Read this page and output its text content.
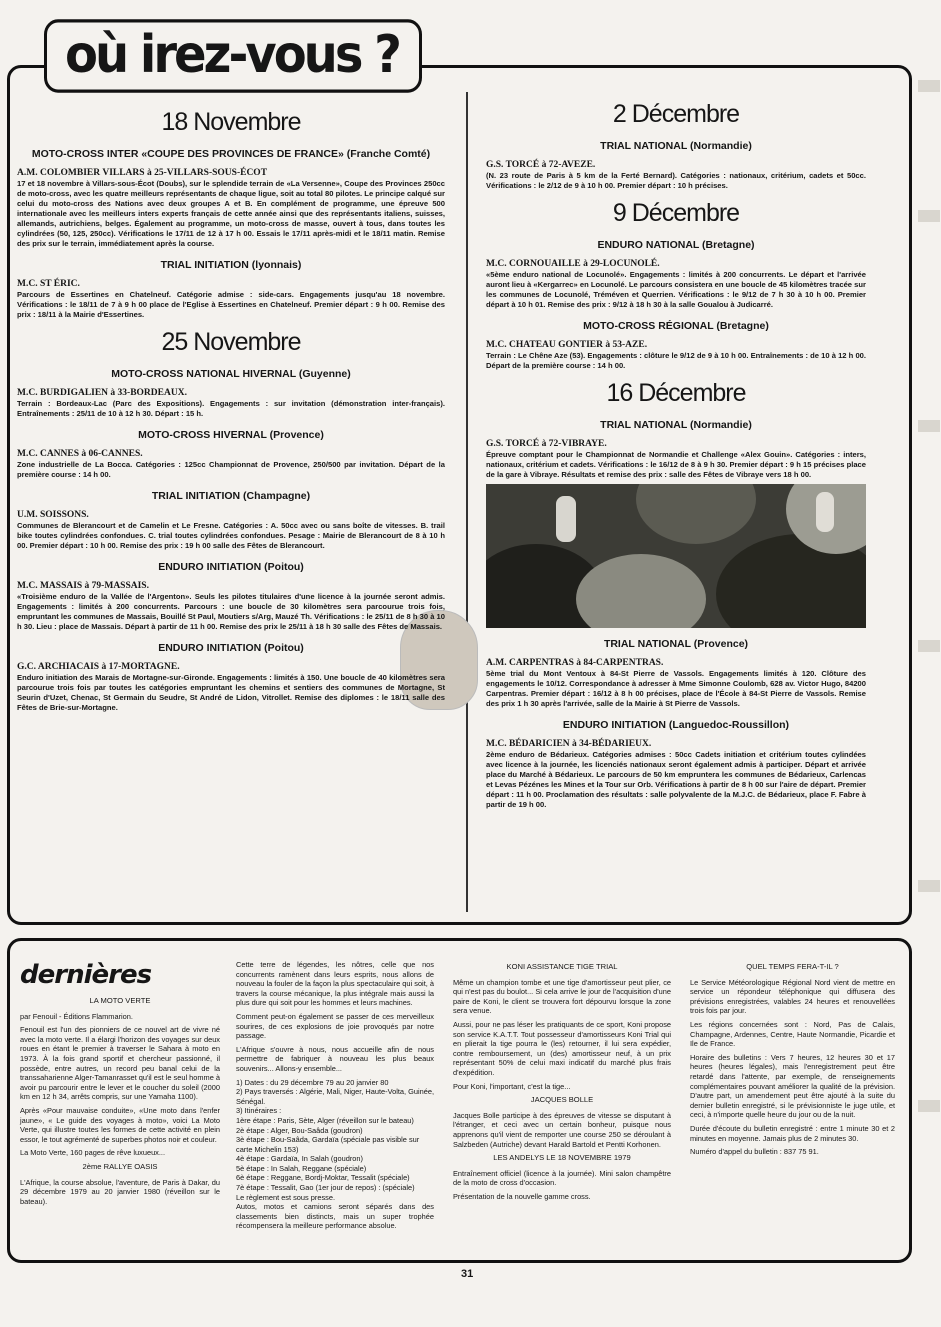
où irez-vous ?
18 Novembre
MOTO-CROSS INTER «COUPE DES PROVINCES DE FRANCE» (Franche Comté)
A.M. COLOMBIER VILLARS à 25-VILLARS-SOUS-ÉCOT
17 et 18 novembre à Villars-sous-Écot (Doubs), sur le splendide terrain de «La Versenne», Coupe des Provinces 250cc de moto-cross, avec les quatre meilleurs représentants de chaque ligue, soit au total 80 pilotes. Le principe calqué sur celui du moto-cross des Nations avec deux groupes A et B. En complément de programme, une épreuve 500 internationale avec les meilleurs inters experts français de cette année ainsi que des représentants italiens, suisses, allemands, autrichiens, belges. Également au programme, un moto-cross de masse, ouvert à tous, dans toutes les cylindrées (50, 125, 250cc). Vérifications le 17/11 de 12 à 17 h 00. Essais le 17/11 après-midi et le 18/11 matin. Remise des prix sur le terrain, immédiatement après la course.
TRIAL INITIATION (lyonnais)
M.C. ST ÉRIC.
Parcours de Essertines en Chatelneuf. Catégorie admise : side-cars. Engagements jusqu'au 18 novembre. Vérifications : le 18/11 de 7 à 9 h 00 place de l'Eglise à Essertines en Chatelneuf. Premier départ : 9 h 00. Remise des prix : 18/11 à la Mairie d'Essertines.
25 Novembre
MOTO-CROSS NATIONAL HIVERNAL (Guyenne)
M.C. BURDIGALIEN à 33-BORDEAUX.
Terrain : Bordeaux-Lac (Parc des Expositions). Engagements : sur invitation (démonstration inter-français). Entraînements : 25/11 de 10 à 12 h 30. Départ : 15 h.
MOTO-CROSS HIVERNAL (Provence)
M.C. CANNES à 06-CANNES.
Zone industrielle de La Bocca. Catégories : 125cc Championnat de Provence, 250/500 par invitation. Départ de la première course : 14 h 00.
TRIAL INITIATION (Champagne)
U.M. SOISSONS.
Communes de Blerancourt et de Camelin et Le Fresne. Catégories : A. 50cc avec ou sans boîte de vitesses. B. trail bike toutes cylindrées confondues. C. trial toutes cylindrées confondues. Pesage : Mairie de Blerancourt de 8 à 10 h 00. Premier départ : 10 h 00. Remise des prix : 19 h 00 salle des Fêtes de Blerancourt.
ENDURO INITIATION (Poitou)
M.C. MASSAIS à 79-MASSAIS.
«Troisième enduro de la Vallée de l'Argenton». Seuls les pilotes titulaires d'une licence à la journée seront admis. Engagements : limités à 200 concurrents. Parcours : une boucle de 30 kilomètres sera parcourue trois fois, empruntant les communes de Massais, Bouillé St Paul, Moutiers s/Arg, Mauzé Th. Vérifications : le 25/11 de 8 h 30 à 10 h 30. Lieu : place de Massais. Départ à partir de 11 h 00. Remise des prix le 25/11 à 18 h 30 salle des Fêtes de Massais.
ENDURO INITIATION (Poitou)
G.C. ARCHIACAIS à 17-MORTAGNE.
Enduro initiation des Marais de Mortagne-sur-Gironde. Engagements : limités à 150. Une boucle de 40 kilomètres sera parcourue trois fois par toutes les catégories empruntant les chemins et sentiers des communes de Mortagne, St Seurin d'Uzet, Chenac, St Germain du Seudre, St André de Lidon, Vitrollet. Remise des diplomes : le 18/11 salle des Fêtes de Brie-sur-Mortagne.
2 Décembre
TRIAL NATIONAL (Normandie)
G.S. TORCÉ à 72-AVEZE.
(N. 23 route de Paris à 5 km de la Ferté Bernard). Catégories : nationaux, critérium, cadets et 50cc. Vérifications : le 2/12 de 9 à 10 h 00. Premier départ : 10 h précises.
9 Décembre
ENDURO NATIONAL (Bretagne)
M.C. CORNOUAILLE à 29-LOCUNOLÉ.
«5ème enduro national de Locunolé». Engagements : limités à 200 concurrents. Le départ et l'arrivée auront lieu à «Kergarrec» en Locunolé. Le parcours consistera en une boucle de 45 kilomètres tracée sur les communes de Locunolé, Tréméven et Querrien. Vérifications : le 9/12 de 7 h 30 à 10 h 00. Premier départ à 10 h 01. Remise des prix : 9/12 à 18 h 30 à la salle Goualou à Judicarré.
MOTO-CROSS RÉGIONAL (Bretagne)
M.C. CHATEAU GONTIER à 53-AZE.
Terrain : Le Chêne Aze (53). Engagements : clôture le 9/12 de 9 à 10 h 00. Entraînements : de 10 à 12 h 00. Départ de la première course : 14 h 00.
16 Décembre
TRIAL NATIONAL (Normandie)
G.S. TORCÉ à 72-VIBRAYE.
Épreuve comptant pour le Championnat de Normandie et Challenge «Alex Gouin». Catégories : inters, nationaux, critérium et cadets. Vérifications : le 16/12 de 8 à 9 h 30. Premier départ : 9 h 15 précises place de la gare à Vibraye. Résultats et remise des prix : salle des Fêtes de Vibraye vers 18 h 00.
TRIAL NATIONAL (Provence)
A.M. CARPENTRAS à 84-CARPENTRAS.
5ème trial du Mont Ventoux à 84-St Pierre de Vassols. Engagements limités à 120. Clôture des engagements le 10/12. Correspondance à adresser à Mme Simonne Coulomb, 628 av. Victor Hugo, 84200 Carpentras. Premier départ : 16/12 à 8 h 00 précises, place de l'École à 84-St Pierre de Vassols. Remise des prix 1 h 30 après l'arrivée, salle de la Mairie à St Pierre de Vassols.
ENDURO INITIATION (Languedoc-Roussillon)
M.C. BÉDARICIEN à 34-BÉDARIEUX.
2ème enduro de Bédarieux. Catégories admises : 50cc Cadets initiation et critérium toutes cylindées avec licence à la journée, les licenciés nationaux seront également admis à participer. Départ et arrivée place du Marché à Bédarieux. Le parcours de 50 km empruntera les communes de Bédarieux, Carlencas et Levas Pézénes les Mines et la Tour sur Orb. Vérifications à partir de 8 h 00 sur l'aire de départ. Premier départ : 11 h 00. Proclamation des résultats : salle polyvalente de la M.J.C. de Bédarieux, place F. Fabre à partir de 19 h 00.
dernières
LA MOTO VERTE
par Fenouil - Éditions Flammarion.
Fenouil est l'un des pionniers de ce nouvel art de vivre né avec la moto verte. Il a élargi l'horizon des voyages sur deux roues en étant le premier à traverser le Sahara à moto en 1973. À la fois grand sportif et chercheur passionné, il possède, entre autres, un record peu banal celui de la transsaharienne Alger-Tamanrasset qu'il est le seul homme à avoir pu parcourir entre le lever et le coucher du soleil (2000 km en 12 h 34, arrêts compris, sur une Yamaha 1100).
Après «Pour mauvaise conduite», «Une moto dans l'enfer jaune», « Le guide des voyages à moto», voici La Moto Verte, qui illustre toutes les formes de cette activité en plein essor, le tout agrémenté de superbes photos noir et couleur.
La Moto Verte, 160 pages de rêve luxueux...
2ème RALLYE OASIS
L'Afrique, la course absolue, l'aventure, de Paris à Dakar, du 29 décembre 1979 au 20 janvier 1980 (réveillon sur le bateau).
Cette terre de légendes, les nôtres, celle que nos concurrents ramènent dans leurs esprits, nous allons de nouveau la fouler de la façon la plus spectaculaire qui soit, à travers la course mécanique, la plus intégrale mais aussi la plus dure qui soit pour les hommes et leurs machines.
Comment peut-on également se passer de ces merveilleux sourires, de ces explosions de joie provoqués par notre passage.
L'Afrique s'ouvre à nous, nous accueille afin de nous permettre de fabriquer à nouveau les plus beaux souvenirs... Allons-y ensemble...
1) Dates : du 29 décembre 79 au 20 janvier 80
2) Pays traversés : Algérie, Mali, Niger, Haute-Volta, Guinée, Sénégal.
3) Itinéraires :
1ère étape : Paris, Sète, Alger (réveillon sur le bateau)
2è étape : Alger, Bou-Saâda (goudron)
3è étape : Bou-Saâda, Gardaïa (spéciale pas visible sur carte Michelin 153)
4è étape : Gardaïa, In Salah (goudron)
5è étape : In Salah, Reggane (spéciale)
6è étape : Reggane, Bordj-Moktar, Tessalit (spéciale)
7è étape : Tessalit, Gao (1er jour de repos) : (spéciale)
Le règlement est sous presse.
Autos, motos et camions seront séparés dans des classements bien distincts, mais un super trophée récompensera la meilleure performance absolue.
KONI ASSISTANCE TIGE TRIAL
Même un champion tombe et une tige d'amortisseur peut plier, ce qui n'est pas du boulot... Si cela arrive le jour de l'acquisition d'une paire de Koni, le client se trouvera fort dépourvu lorsque la zone sera venue.
Aussi, pour ne pas léser les pratiquants de ce sport, Koni propose son service K.A.T.T. Tout possesseur d'amortisseurs Koni Trial qui en plierait la tige pourra le (les) retourner, il lui sera expédier, contre remboursement, un (des) amortisseur neuf, à un prix représentant 50% de celui maxi indicatif du marché plus frais d'expédition.
Pour Koni, l'important, c'est la tige...
JACQUES BOLLE
Jacques Bolle participe à des épreuves de vitesse se disputant à l'étranger, et ceci avec un certain bonheur, puisque nous apprenons qu'il vient de remporter une course 250 se déroulant à Salzbeden (Autriche) devant Harald Bartold et Pentti Korhonen.
LES ANDELYS LE 18 NOVEMBRE 1979
Entraînement officiel (licence à la journée). Mini salon champêtre de la moto de cross d'occasion.
Présentation de la nouvelle gamme cross.
QUEL TEMPS FERA-T-IL ?
Le Service Météorologique Régional Nord vient de mettre en service un répondeur téléphonique qui diffusera des prévisions enregistrées, valables 24 heures et renouvellées trois fois par jour.
Les régions concernées sont : Nord, Pas de Calais, Champagne, Ardennes, Centre, Haute Normandie, Picardie et Ile de France.
Horaire des bulletins : Vers 7 heures, 12 heures 30 et 17 heures (heures légales), mais l'enregistrement peut être retardé dans l'attente, par exemple, de renseignements complémentaires pouvant améliorer la qualité de la prévision. D'autre part, un amendement peut être ajouté à la suite du dernier bulletin enregistré, si le prévisionniste le juge utile, et ceci, à n'importe quelle heure du jour ou de la nuit.
Durée d'écoute du bulletin enregistré : entre 1 minute 30 et 2 minutes en moyenne. Jamais plus de 2 minutes 30.
Numéro d'appel du bulletin : 837 75 91.
31
